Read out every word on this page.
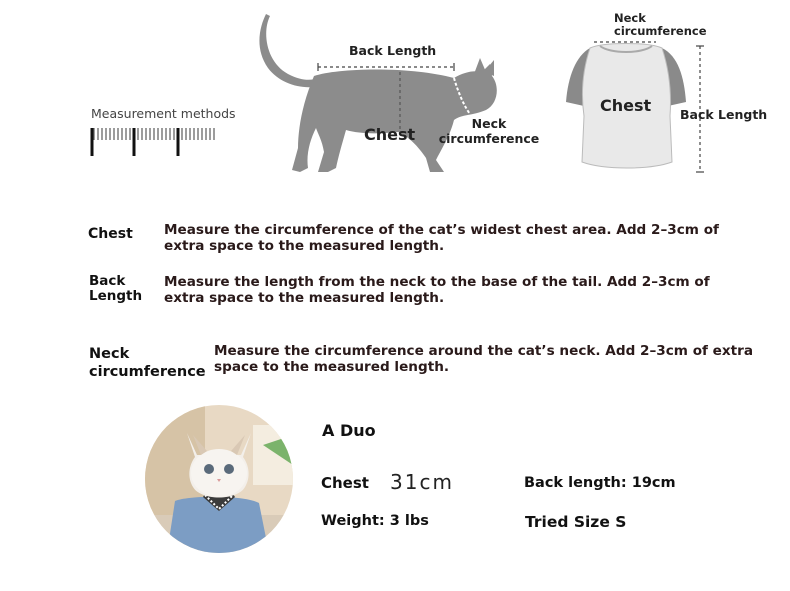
Measurement methods
Back Length
Chest
Neck
circumference
Neck
circumference
Chest Back Length
Chest Measure the circumference of the cat’s widest chest area. Add 2–3cm of extra space to the measured length.
Back
Length
Measure the length from the neck to the base of the tail. Add 2–3cm of extra space to the measured length.
Neck
circumference
Measure the circumference around the cat’s neck. Add 2–3cm of extra space to the measured length.
A Duo
Chest 31cm	Back length: 19cm
Weight: 3 lbs	Tried Size S
